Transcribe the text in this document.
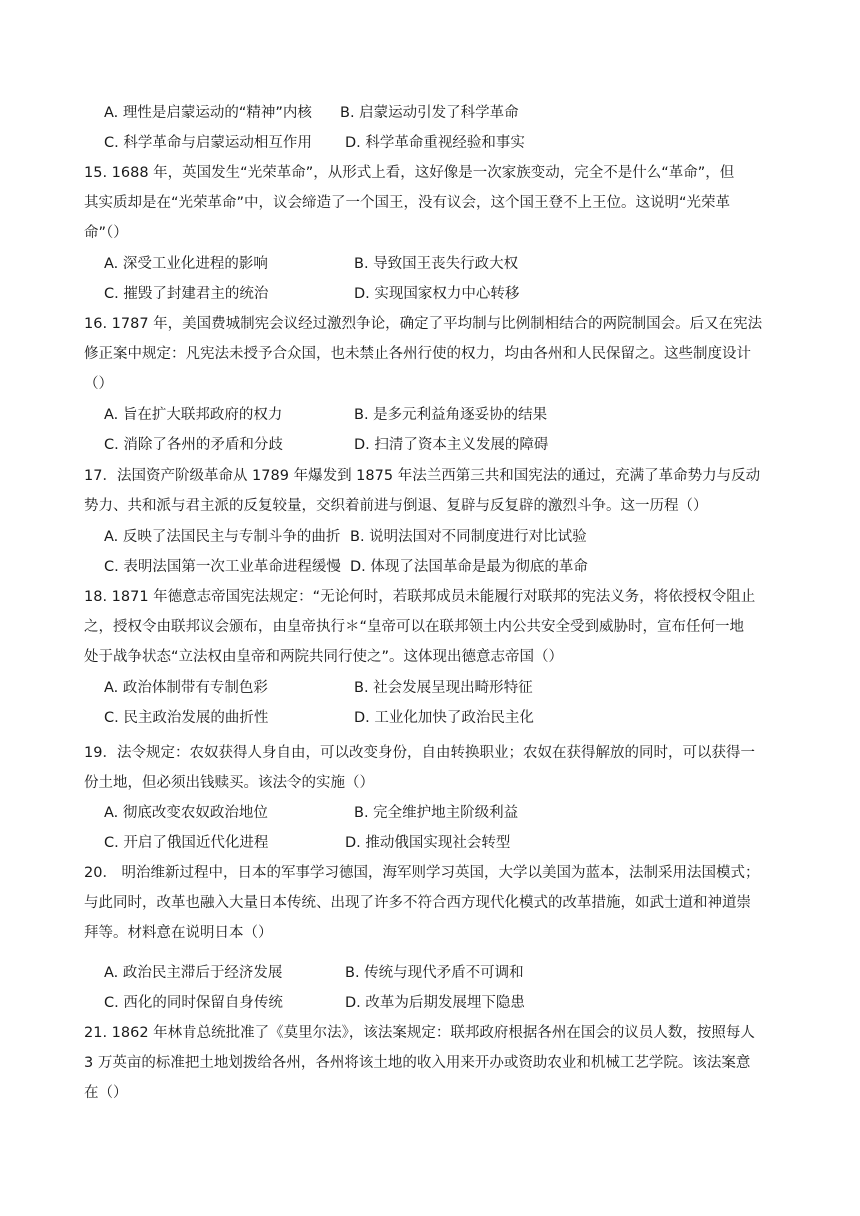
A. 理性是启蒙运动的“精神”内核 B. 启蒙运动引发了科学革命
C. 科学革命与启蒙运动相互作用 D. 科学革命重视经验和事实
15. 1688 年，英国发生“光荣革命”，从形式上看，这好像是一次家族变动，完全不是什么“革命”，但
其实质却是在“光荣革命”中，议会缔造了一个国王，没有议会，这个国王登不上王位。这说明“光荣革
命”（）
A. 深受工业化进程的影响	B. 导致国王丧失行政大权
C. 摧毁了封建君主的统治	D. 实现国家权力中心转移
16. 1787 年，美国费城制宪会议经过激烈争论，确定了平均制与比例制相结合的两院制国会。后又在宪法
修正案中规定：凡宪法未授予合众国，也未禁止各州行使的权力，均由各州和人民保留之。这些制度设计
（）
A. 旨在扩大联邦政府的权力	B. 是多元利益角逐妥协的结果
C. 消除了各州的矛盾和分歧	D. 扫清了资本主义发展的障碍
17．法国资产阶级革命从 1789 年爆发到 1875 年法兰西第三共和国宪法的通过，充满了革命势力与反动
势力、共和派与君主派的反复较量，交织着前进与倒退、复辟与反复辟的激烈斗争。这一历程（）
A. 反映了法国民主与专制斗争的曲折 B. 说明法国对不同制度进行对比试验
C. 表明法国第一次工业革命进程缓慢 D. 体现了法国革命是最为彻底的革命
18. 1871 年德意志帝国宪法规定：“无论何时，若联邦成员未能履行对联邦的宪法义务，将依授权令阻止
之，授权令由联邦议会颁布，由皇帝执行＊“皇帝可以在联邦领土内公共安全受到威胁时，宣布任何一地
处于战争状态“立法权由皇帝和两院共同行使之”。这体现出德意志帝国（）
A. 政治体制带有专制色彩	B. 社会发展呈现出畸形特征
C. 民主政治发展的曲折性	D. 工业化加快了政治民主化
19．法令规定：农奴获得人身自由，可以改变身份，自由转换职业；农奴在获得解放的同时，可以获得一
份土地，但必须出钱赎买。该法令的实施（）
A. 彻底改变农奴政治地位	B. 完全维护地主阶级利益
C. 开启了俄国近代化进程	D. 推动俄国实现社会转型
20． 明治维新过程中，日本的军事学习德国，海军则学习英国，大学以美国为蓝本，法制采用法国模式；
与此同时，改革也融入大量日本传统、出现了许多不符合西方现代化模式的改革措施，如武士道和神道崇
拜等。材料意在说明日本（）
A. 政治民主滞后于经济发展	B. 传统与现代矛盾不可调和
C. 西化的同时保留自身传统	D. 改革为后期发展埋下隐患
21. 1862 年林肯总统批准了《莫里尔法》，该法案规定：联邦政府根据各州在国会的议员人数，按照每人
3 万英亩的标准把土地划拨给各州，各州将该土地的收入用来开办或资助农业和机械工艺学院。该法案意
在（）
